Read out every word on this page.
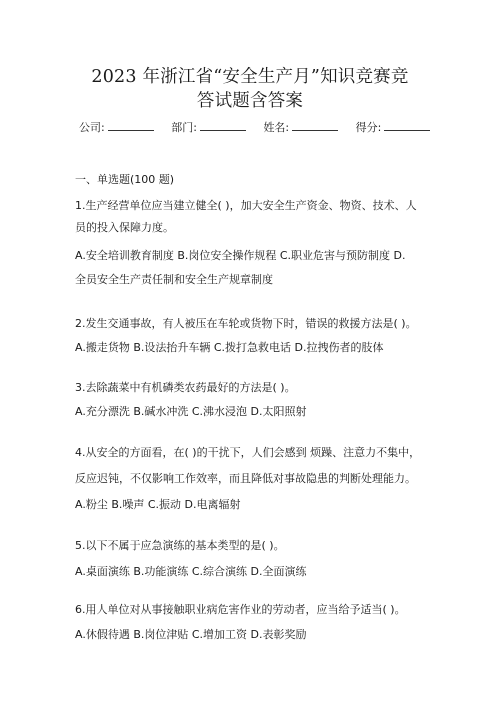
2023 年浙江省“安全生产月”知识竞赛竞
答试题含答案
公司:	部门:	姓名:	得分:
一、单选题(100 题)
1.生产经营单位应当建立健全( )，加大安全生产资金、物资、技术、人
员的投入保障力度。
A.安全培训教育制度 B.岗位安全操作规程 C.职业危害与预防制度 D.
全员安全生产责任制和安全生产规章制度
2.发生交通事故，有人被压在车轮或货物下时，错误的救援方法是( )。
A.搬走货物 B.设法抬升车辆 C.拨打急救电话 D.拉拽伤者的肢体
3.去除蔬菜中有机磷类农药最好的方法是( )。
A.充分漂洗 B.碱水冲洗 C.沸水浸泡 D.太阳照射
4.从安全的方面看，在( )的干扰下，人们会感到 烦躁、注意力不集中，
反应迟钝，不仅影响工作效率，而且降低对事故隐患的判断处理能力。
A.粉尘 B.噪声 C.振动 D.电离辐射
5.以下不属于应急演练的基本类型的是( )。
A.桌面演练 B.功能演练 C.综合演练 D.全面演练
6.用人单位对从事接触职业病危害作业的劳动者，应当给予适当( )。
A.休假待遇 B.岗位津贴 C.增加工资 D.表彰奖励
